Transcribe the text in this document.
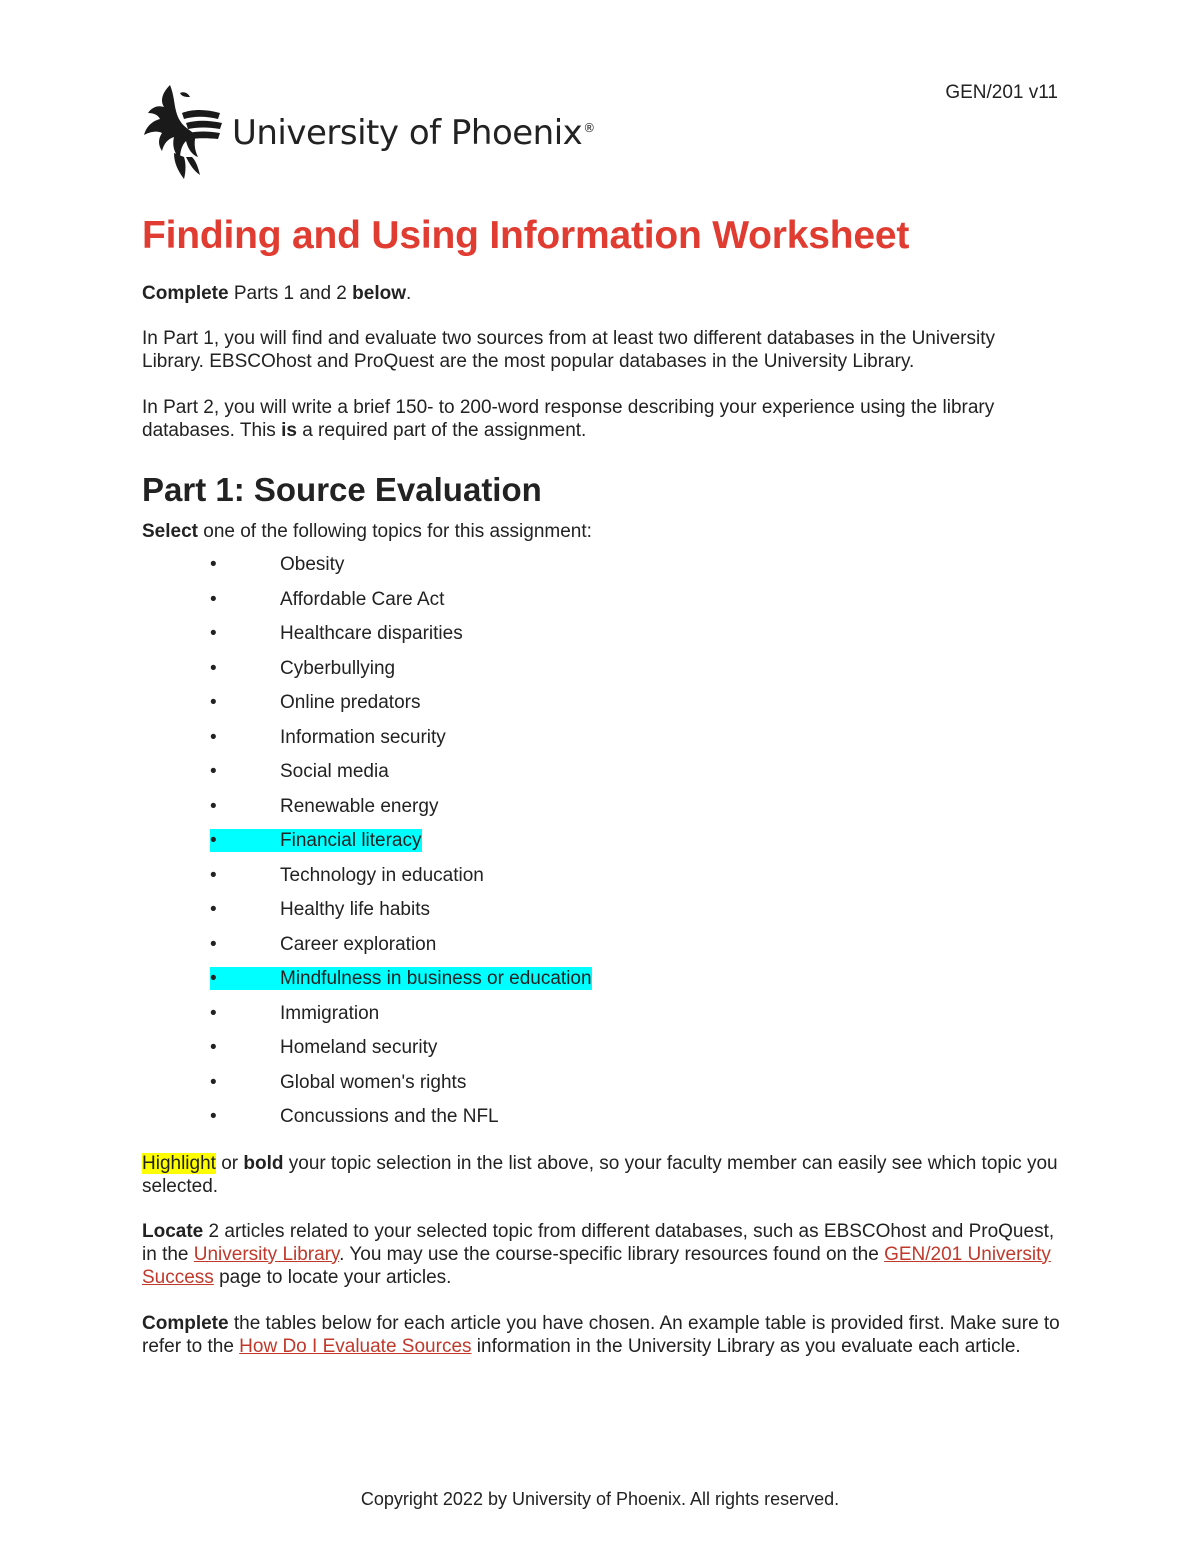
GEN/201 v11
University of Phoenix®
Finding and Using Information Worksheet

Complete Parts 1 and 2 below.

In Part 1, you will find and evaluate two sources from at least two different databases in the University Library. EBSCOhost and ProQuest are the most popular databases in the University Library.

In Part 2, you will write a brief 150- to 200-word response describing your experience using the library databases. This is a required part of the assignment.

Part 1: Source Evaluation

Select one of the following topics for this assignment:

•	Obesity
•	Affordable Care Act
•	Healthcare disparities
•	Cyberbullying
•	Online predators
•	Information security
•	Social media
•	Renewable energy
•	Financial literacy
•	Technology in education
•	Healthy life habits
•	Career exploration
•	Mindfulness in business or education
•	Immigration
•	Homeland security
•	Global women's rights
•	Concussions and the NFL

Highlight or bold your topic selection in the list above, so your faculty member can easily see which topic you selected.

Locate 2 articles related to your selected topic from different databases, such as EBSCOhost and ProQuest, in the University Library. You may use the course-specific library resources found on the GEN/201 University Success page to locate your articles.

Complete the tables below for each article you have chosen. An example table is provided first. Make sure to refer to the How Do I Evaluate Sources information in the University Library as you evaluate each article.

Copyright 2022 by University of Phoenix. All rights reserved.
